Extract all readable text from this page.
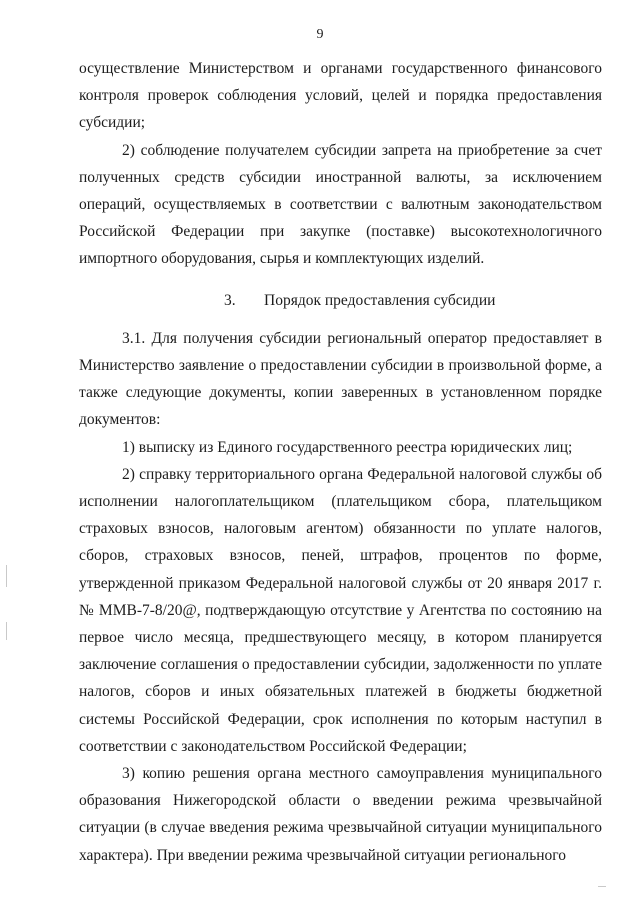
9

осуществление Министерством и органами государственного финансового контроля проверок соблюдения условий, целей и порядка предоставления субсидии;

2) соблюдение получателем субсидии запрета на приобретение за счет полученных средств субсидии иностранной валюты, за исключением операций, осуществляемых в соответствии с валютным законодательством Российской Федерации при закупке (поставке) высокотехнологичного импортного оборудования, сырья и комплектующих изделий.

3. Порядок предоставления субсидии

3.1. Для получения субсидии региональный оператор предоставляет в Министерство заявление о предоставлении субсидии в произвольной форме, а также следующие документы, копии заверенных в установленном порядке документов:

1) выписку из Единого государственного реестра юридических лиц;

2) справку территориального органа Федеральной налоговой службы об исполнении налогоплательщиком (плательщиком сбора, плательщиком страховых взносов, налоговым агентом) обязанности по уплате налогов, сборов, страховых взносов, пеней, штрафов, процентов по форме, утвержденной приказом Федеральной налоговой службы от 20 января 2017 г. № ММВ-7-8/20@, подтверждающую отсутствие у Агентства по состоянию на первое число месяца, предшествующего месяцу, в котором планируется заключение соглашения о предоставлении субсидии, задолженности по уплате налогов, сборов и иных обязательных платежей в бюджеты бюджетной системы Российской Федерации, срок исполнения по которым наступил в соответствии с законодательством Российской Федерации;

3) копию решения органа местного самоуправления муниципального образования Нижегородской области о введении режима чрезвычайной ситуации (в случае введения режима чрезвычайной ситуации муниципального характера). При введении режима чрезвычайной ситуации регионального
